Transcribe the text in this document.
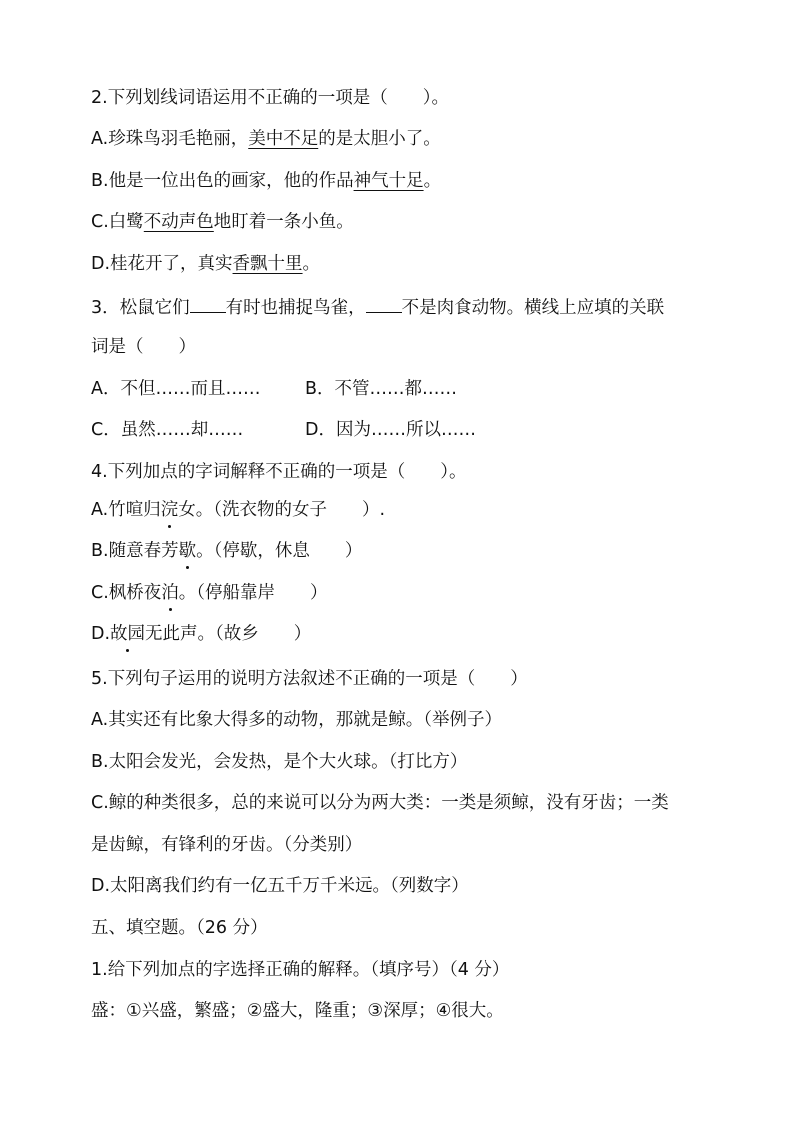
2.下列划线词语运用不正确的一项是（　　）。
A.珍珠鸟羽毛艳丽，美中不足的是太胆小了。
B.他是一位出色的画家，他的作品神气十足。
C.白鹭不动声色地盯着一条小鱼。
D.桂花开了，真实香飘十里。
3．松鼠它们 有时也捕捉鸟雀， 不是肉食动物。横线上应填的关联
词是（　　）
A．不但……而且……	B．不管……都……
C．虽然……却……	D．因为……所以……
4.下列加点的字词解释不正确的一项是（　　）。
A.竹喧归浣女。（洗衣物的女子　　）.
B.随意春芳歇。（停歇，休息　　）
C.枫桥夜泊。（停船靠岸　　）
D.故园无此声。（故乡　　）
5.下列句子运用的说明方法叙述不正确的一项是（　　）
A.其实还有比象大得多的动物，那就是鲸。（举例子）
B.太阳会发光，会发热，是个大火球。（打比方）
C.鲸的种类很多，总的来说可以分为两大类：一类是须鲸，没有牙齿；一类
是齿鲸，有锋利的牙齿。（分类别）
D.太阳离我们约有一亿五千万千米远。（列数字）
五、填空题。（26 分）
1.给下列加点的字选择正确的解释。（填序号）（4 分）
盛：①兴盛，繁盛；②盛大，隆重；③深厚；④很大。
